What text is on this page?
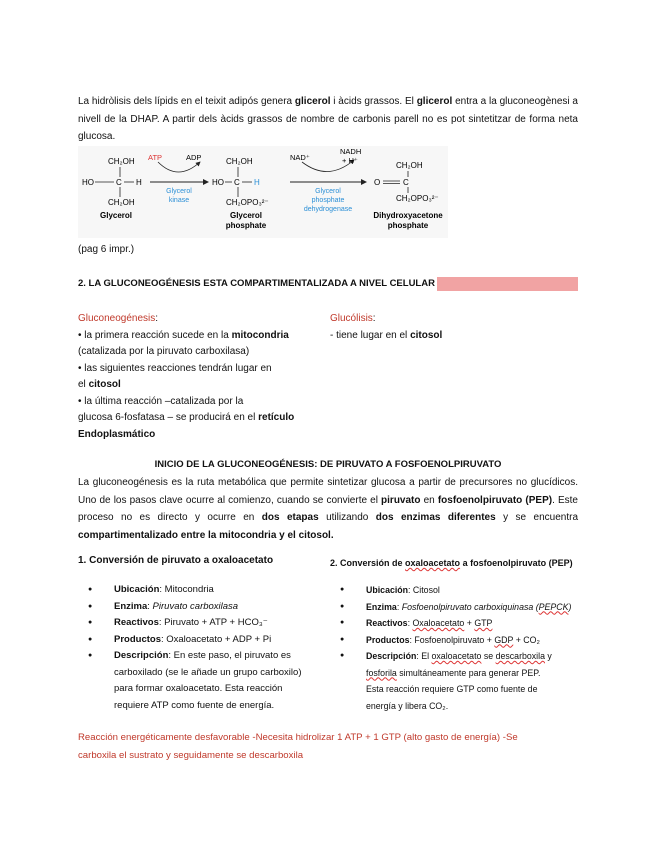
La hidròlisis dels lípids en el teixit adipós genera glicerol i àcids grassos. El glicerol entra a la gluconeogènesi a nivell de la DHAP. A partir dels àcids grassos de nombre de carbonis parell no es pot sintetitzar de forma neta glucosa.

CH₂OH
HO	C H
CH₂OH
Glycerol
ATP	ADP
Glycerol
kinase
CH₂OH
HO C H
CH₂OPO₃²⁻
Glycerol
phosphate
NAD⁺
NADH
+ H⁺
Glycerol
phosphate
dehydrogenase
CH₂OH
O	C
CH₂OPO₃²⁻
Dihydroxyacetone
phosphate
(pag 6 impr.)
2. LA GLUCONEOGÉNESIS ESTA COMPARTIMENTALIZADA A NIVEL CELULAR
Gluconeogénesis:
• la primera reacción sucede en la mitocondria
(catalizada por la piruvato carboxilasa)
• las siguientes reacciones tendrán lugar en
el citosol
• la última reacción –catalizada por la
glucosa 6-fosfatasa – se producirá en el retículo
Endoplasmático
Glucólisis:
- tiene lugar en el citosol
INICIO DE LA GLUCONEOGÉNESIS: DE PIRUVATO A FOSFOENOLPIRUVATO

La gluconeogénesis es la ruta metabólica que permite sintetizar glucosa a partir de precursores no glucídicos. Uno de los pasos clave ocurre al comienzo, cuando se convierte el piruvato en fosfoenolpiruvato (PEP). Este proceso no es directo y ocurre en dos etapas utilizando dos enzimas diferentes y se encuentra compartimentalizado entre la mitocondria y el citosol.

1. Conversión de piruvato a oxaloacetato
● Ubicación: Mitocondria
● Enzima: Piruvato carboxilasa
● Reactivos: Piruvato + ATP + HCO₃⁻
● Productos: Oxaloacetato + ADP + Pi
● Descripción: En este paso, el piruvato es
carboxilado (se le añade un grupo carboxilo)
para formar oxaloacetato. Esta reacción
requiere ATP como fuente de energía.
2. Conversión de oxaloacetato a fosfoenolpiruvato (PEP)
● Ubicación: Citosol
● Enzima: Fosfoenolpiruvato carboxiquinasa (PEPCK)
● Reactivos: Oxaloacetato + GTP
● Productos: Fosfoenolpiruvato + GDP + CO₂
● Descripción: El oxaloacetato se descarboxila y
fosforila simultáneamente para generar PEP.
Esta reacción requiere GTP como fuente de
energía y libera CO₂.
Reacción energéticamente desfavorable -Necesita hidrolizar 1 ATP + 1 GTP (alto gasto de energía) -Se
carboxila el sustrato y seguidamente se descarboxila
